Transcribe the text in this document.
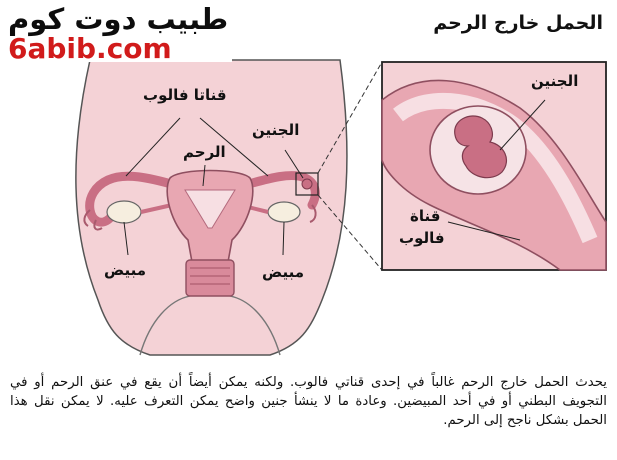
طبيب دوت كوم
6abib.com
الحمل خارج الرحم
قناتا فالوب
الرحم
الجنين
مبيض	مبيض
الجنين
قناة
فالوب
يحدث الحمل خارج الرحم غالباً في إحدى قناتي فالوب. ولكنه يمكن أيضاً أن يقع في عنق الرحم أو في التجويف البطني أو في أحد المبيضين. وعادة ما لا ينشأ جنين واضح يمكن التعرف عليه. لا يمكن نقل هذا الحمل بشكل ناجح إلى الرحم.
